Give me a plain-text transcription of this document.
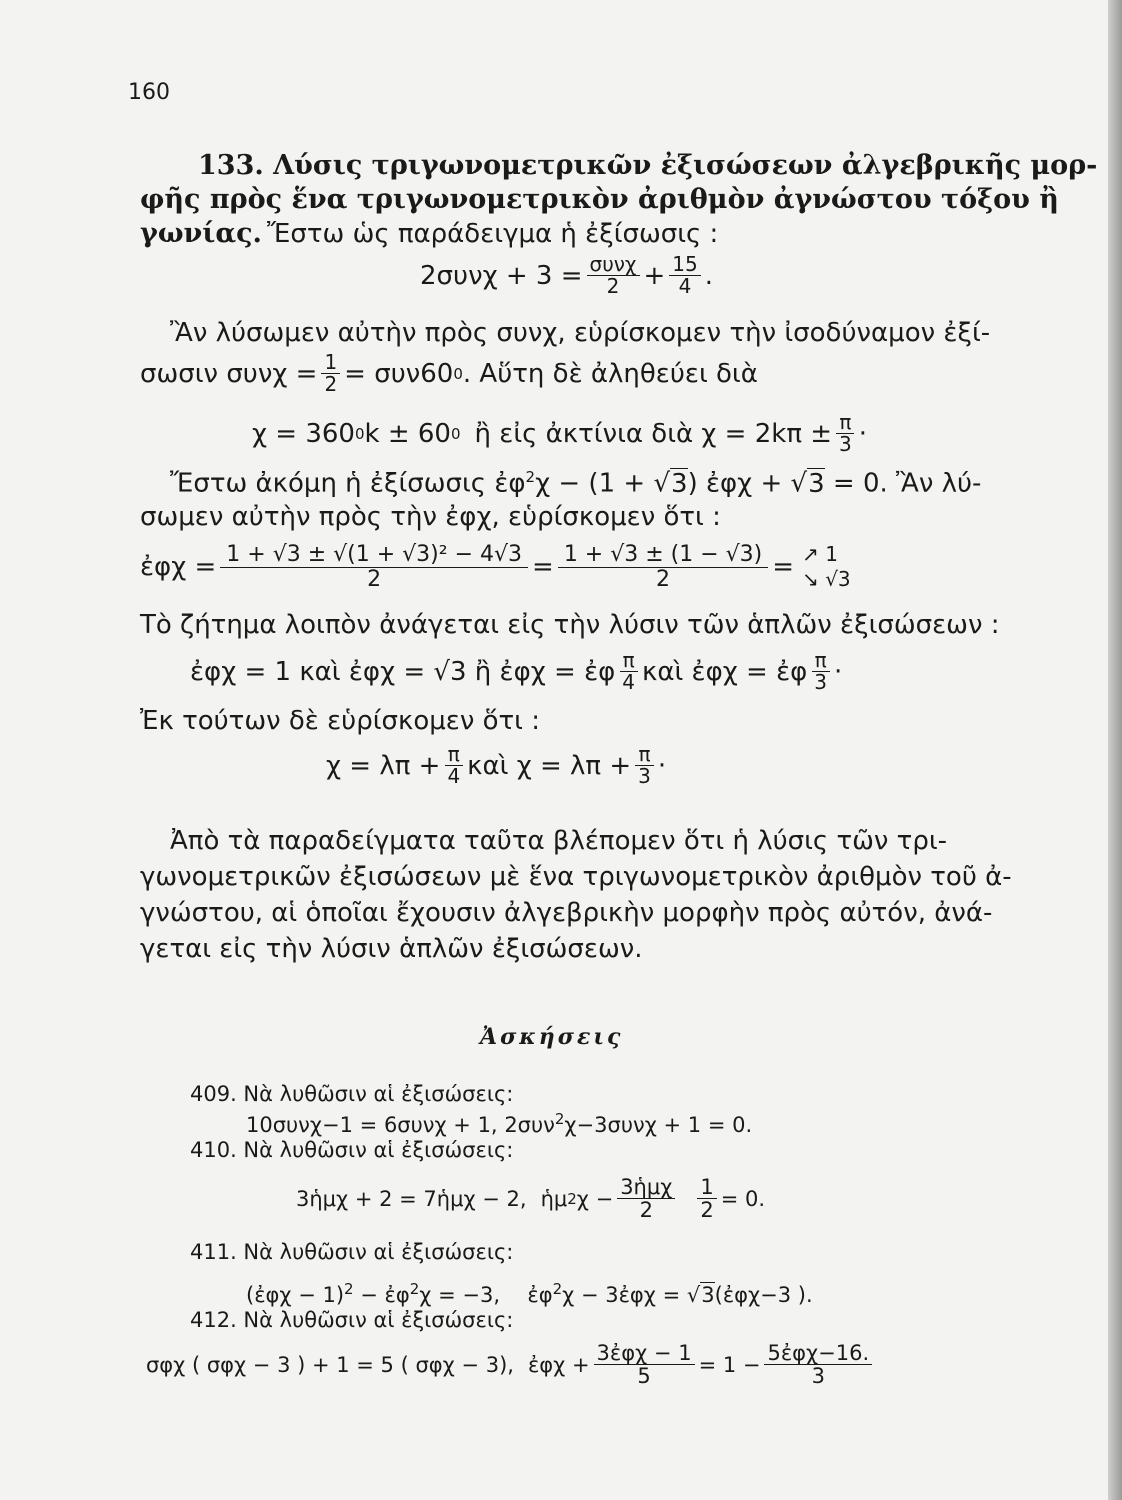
160
133. Λύσις τριγωνομετρικῶν ἐξισώσεων ἀλγεβρικῆς μορ-
φῆς πρὸς ἕνα τριγωνομετρικὸν ἀριθμὸν ἀγνώστου τόξου ἢ
γωνίας. Ἔστω ὡς παράδειγμα ἡ ἐξίσωσις :
$2\sigma\upsilon\nu\chi + 3 = \frac{\text{συνχ}}{2} + \frac{15}{4}$ .
Ἂν λύσωμεν αὐτὴν πρὸς συνχ, εὑρίσκομεν τὴν ἰσοδύναμον ἐξί-
σωσιν $\sigma\upsilon\nu\chi = \frac{1}{2} = \sigma\upsilon\nu 60$ 0 . Αὕτη δὲ ἀληθεύει διὰ
χ = 360 0 k ± 60 0 ἢ εἰς ἀκτίνια διὰ $\chi = 2k\pi \pm \frac{\pi}{3}$ ·
Ἔστω ἀκόμη ἡ ἐξίσωσις ἐφ$^2$χ − (1 + √3) ἐφχ + √3 = 0. Ἂν λύ-
σωμεν αὐτὴν πρὸς τὴν ἐφχ, εὑρίσκομεν ὅτι :
ἐφχ = $\frac{\text{1 + √3 ± √(1 + √3)² − 4√3}}{2} = \frac{1 + √3 \pm (1 - √3)}{2}$ = ↗ 1
↘ √3
Τὸ ζήτημα λοιπὸν ἀνάγεται εἰς τὴν λύσιν τῶν ἁπλῶν ἐξισώσεων :
ἐφχ = 1 καὶ ἐφχ = √3 ἢ ἐφχ = ἐφ $\frac{\pi}{4}$ καὶ ἐφχ = ἐφ $\frac{\pi}{3}$ ·
Ἐκ τούτων δὲ εὑρίσκομεν ὅτι :
$\chi = \lambda\pi + \frac{\pi}{4}$ καὶ $\chi = \lambda\pi + \frac{\pi}{3}$ ·
Ἀπὸ τὰ παραδείγματα ταῦτα βλέπομεν ὅτι ἡ λύσις τῶν τρι-
γωνομετρικῶν ἐξισώσεων μὲ ἕνα τριγωνομετρικὸν ἀριθμὸν τοῦ ἀ-
γνώστου, αἱ ὁποῖαι ἔχουσιν ἀλγεβρικὴν μορφὴν πρὸς αὐτόν, ἀνά-
γεται εἰς τὴν λύσιν ἁπλῶν ἐξισώσεων.
Ἀσκήσεις
409. Νὰ λυθῶσιν αἱ ἐξισώσεις:
10συνχ−1 = 6συνχ + 1, 2συν$^2$χ−3συνχ + 1 = 0.
410. Νὰ λυθῶσιν αἱ ἐξισώσεις:
3ἡμχ + 2 = 7ἡμχ − 2, ἡμ 2 $\chi - \frac{\text{3ἡμχ}}{2} \frac{1}{2} = 0$.
411. Νὰ λυθῶσιν αἱ ἐξισώσεις:
(ἐφχ − 1)$^2$ − ἐφ$^2$χ = −3, ἐφ$^2$χ − 3ἐφχ = √3(ἐφχ−3 ).
412. Νὰ λυθῶσιν αἱ ἐξισώσεις:
σφχ ( σφχ − 3 ) + 1 = 5 ( σφχ − 3), ἐφχ + $\frac{\text{3ἐφχ − 1}}{5} = 1 - \frac{\text{5ἐφχ−16.}}{3}$
